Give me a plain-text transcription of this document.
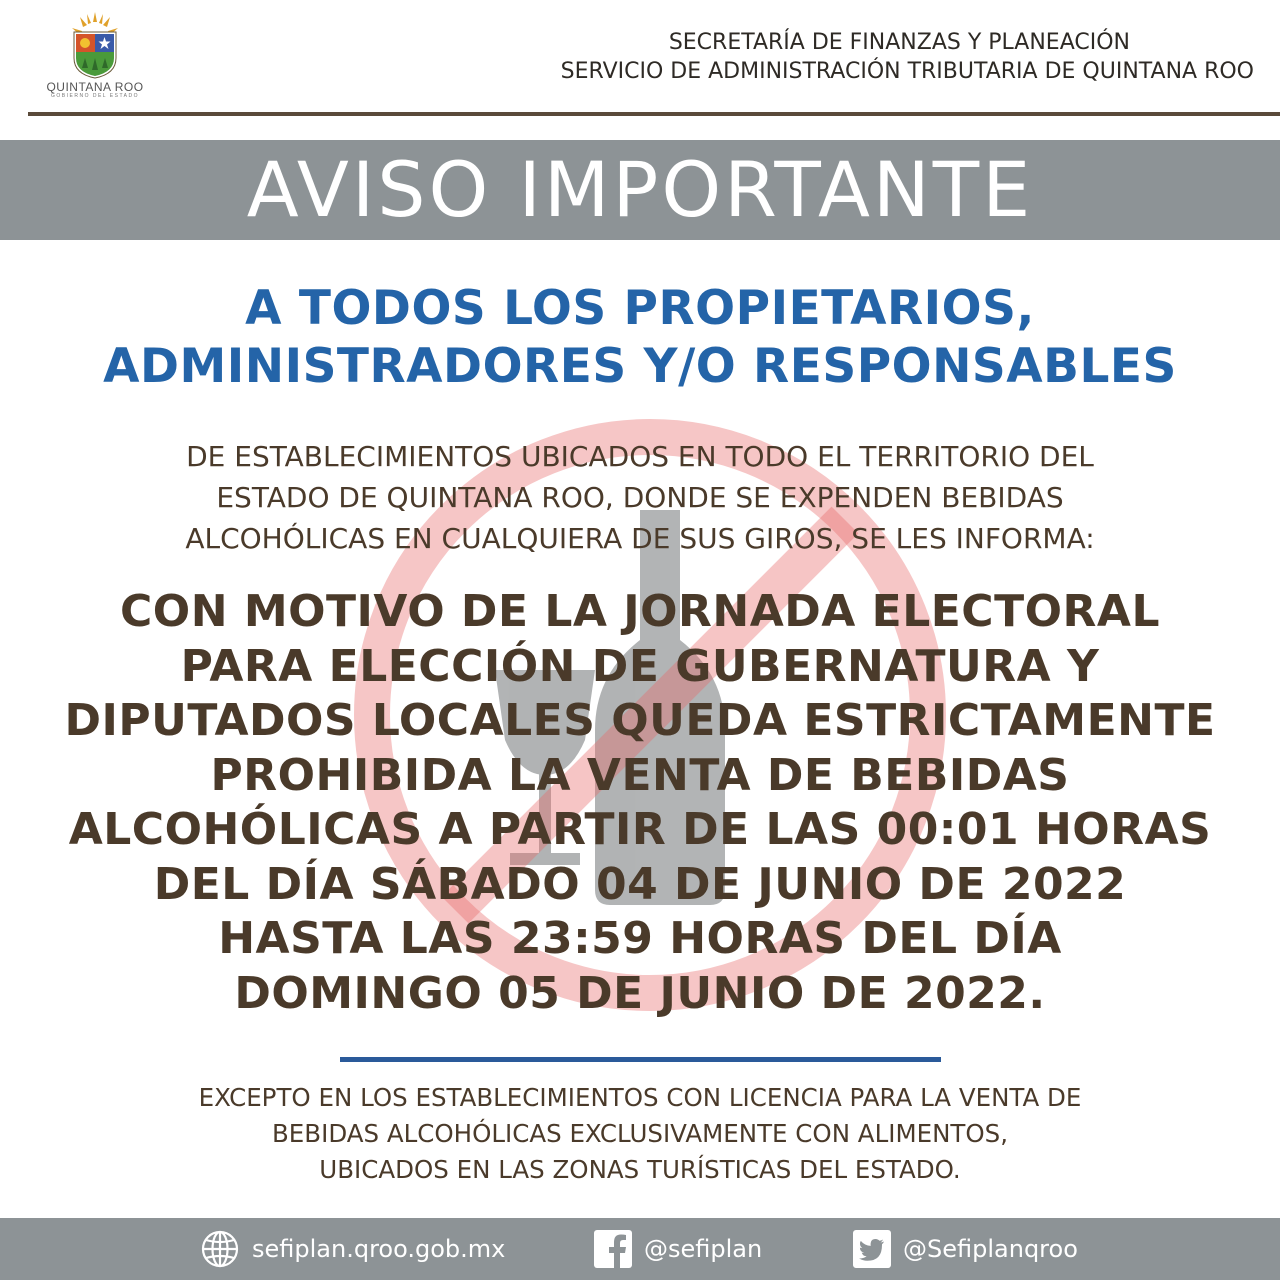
QUINTANA ROO
GOBIERNO DEL ESTADO
SECRETARÍA DE FINANZAS Y PLANEACIÓN
SERVICIO DE ADMINISTRACIÓN TRIBUTARIA DE QUINTANA ROO
AVISO IMPORTANTE
A TODOS LOS PROPIETARIOS,
ADMINISTRADORES Y/O RESPONSABLES
DE ESTABLECIMIENTOS UBICADOS EN TODO EL TERRITORIO DEL
ESTADO DE QUINTANA ROO, DONDE SE EXPENDEN BEBIDAS
ALCOHÓLICAS EN CUALQUIERA DE SUS GIROS, SE LES INFORMA:
CON MOTIVO DE LA JORNADA ELECTORAL
PARA ELECCIÓN DE GUBERNATURA Y
DIPUTADOS LOCALES QUEDA ESTRICTAMENTE
PROHIBIDA LA VENTA DE BEBIDAS
ALCOHÓLICAS A PARTIR DE LAS 00:01 HORAS
DEL DÍA SÁBADO 04 DE JUNIO DE 2022
HASTA LAS 23:59 HORAS DEL DÍA
DOMINGO 05 DE JUNIO DE 2022.
EXCEPTO EN LOS ESTABLECIMIENTOS CON LICENCIA PARA LA VENTA DE
BEBIDAS ALCOHÓLICAS EXCLUSIVAMENTE CON ALIMENTOS,
UBICADOS EN LAS ZONAS TURÍSTICAS DEL ESTADO.
sefiplan.qroo.gob.mx	@sefiplan	@Sefiplanqroo
